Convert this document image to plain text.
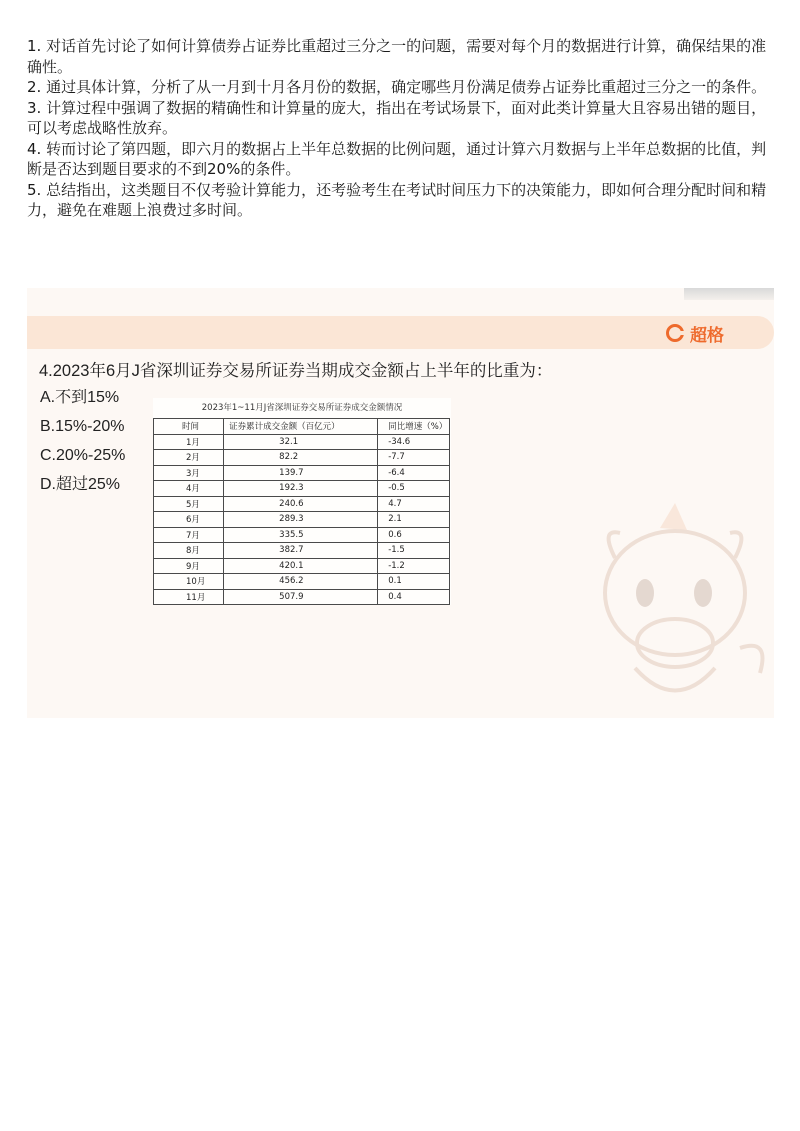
1. 对话首先讨论了如何计算债券占证券比重超过三分之一的问题，需要对每个月的数据进行计算，确保结果的准确性。

2. 通过具体计算，分析了从一月到十月各月份的数据，确定哪些月份满足债券占证券比重超过三分之一的条件。

3. 计算过程中强调了数据的精确性和计算量的庞大，指出在考试场景下，面对此类计算量大且容易出错的题目，可以考虑战略性放弃。

4. 转而讨论了第四题，即六月的数据占上半年总数据的比例问题，通过计算六月数据与上半年总数据的比值，判断是否达到题目要求的不到20%的条件。

5. 总结指出，这类题目不仅考验计算能力，还考验考生在考试时间压力下的决策能力，即如何合理分配时间和精力，避免在难题上浪费过多时间。

超格
4.2023年6月J省深圳证券交易所证券当期成交金额占上半年的比重为：
A.不到15%
B.15%-20%
C.20%-25%
D.超过25%
2023年1~11月J省深圳证券交易所证券成交金额情况
时间	证券累计成交金额（百亿元）	同比增速（%）
1月	32.1	-34.6
2月	82.2	-7.7
3月	139.7	-6.4
4月	192.3	-0.5
5月	240.6	4.7
6月	289.3	2.1
7月	335.5	0.6
8月	382.7	-1.5
9月	420.1	-1.2
10月	456.2	0.1
11月	507.9	0.4
